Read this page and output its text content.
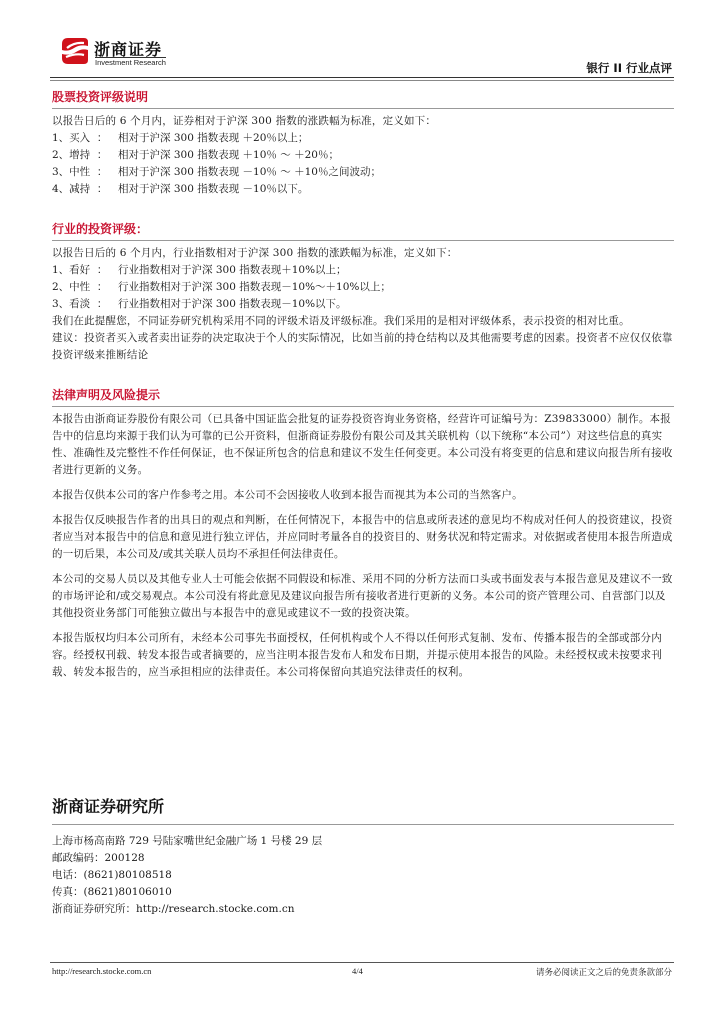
浙商证券
Investment Research	银行 II 行业点评

股票投资评级说明

以报告日后的 6 个月内，证券相对于沪深 300 指数的涨跌幅为标准，定义如下：

1、买入  ：	相对于沪深 300 指数表现 ＋20％以上；
2、增持  ：	相对于沪深 300 指数表现 ＋10％ ～ ＋20％；
3、中性  ：	相对于沪深 300 指数表现 －10％ ～ ＋10％之间波动；
4、减持  ：	相对于沪深 300 指数表现 －10％以下。

行业的投资评级：

以报告日后的 6 个月内，行业指数相对于沪深 300 指数的涨跌幅为标准，定义如下：

1、看好  ：	行业指数相对于沪深 300 指数表现＋10%以上；
2、中性  ：	行业指数相对于沪深 300 指数表现－10%～＋10%以上；
3、看淡  ：	行业指数相对于沪深 300 指数表现－10%以下。

我们在此提醒您，不同证券研究机构采用不同的评级术语及评级标准。我们采用的是相对评级体系，表示投资的相对比重。

建议：投资者买入或者卖出证券的决定取决于个人的实际情况，比如当前的持仓结构以及其他需要考虑的因素。投资者不应仅仅依靠投资评级来推断结论

法律声明及风险提示

本报告由浙商证券股份有限公司（已具备中国证监会批复的证券投资咨询业务资格，经营许可证编号为：Z39833000）制作。本报告中的信息均来源于我们认为可靠的已公开资料，但浙商证券股份有限公司及其关联机构（以下统称“本公司”）对这些信息的真实性、准确性及完整性不作任何保证，也不保证所包含的信息和建议不发生任何变更。本公司没有将变更的信息和建议向报告所有接收者进行更新的义务。

本报告仅供本公司的客户作参考之用。本公司不会因接收人收到本报告而视其为本公司的当然客户。

本报告仅反映报告作者的出具日的观点和判断，在任何情况下，本报告中的信息或所表述的意见均不构成对任何人的投资建议，投资者应当对本报告中的信息和意见进行独立评估，并应同时考量各自的投资目的、财务状况和特定需求。对依据或者使用本报告所造成的一切后果，本公司及/或其关联人员均不承担任何法律责任。

本公司的交易人员以及其他专业人士可能会依据不同假设和标准、采用不同的分析方法而口头或书面发表与本报告意见及建议不一致的市场评论和/或交易观点。本公司没有将此意见及建议向报告所有接收者进行更新的义务。本公司的资产管理公司、自营部门以及其他投资业务部门可能独立做出与本报告中的意见或建议不一致的投资决策。

本报告版权均归本公司所有，未经本公司事先书面授权，任何机构或个人不得以任何形式复制、发布、传播本报告的全部或部分内容。经授权刊载、转发本报告或者摘要的，应当注明本报告发布人和发布日期，并提示使用本报告的风险。未经授权或未按要求刊载、转发本报告的，应当承担相应的法律责任。本公司将保留向其追究法律责任的权利。

浙商证券研究所

上海市杨高南路 729 号陆家嘴世纪金融广场 1 号楼 29 层

邮政编码：200128

电话：(8621)80108518

传真：(8621)80106010

浙商证券研究所：http://research.stocke.com.cn

http://research.stocke.com.cn	4/4	请务必阅读正文之后的免责条款部分
